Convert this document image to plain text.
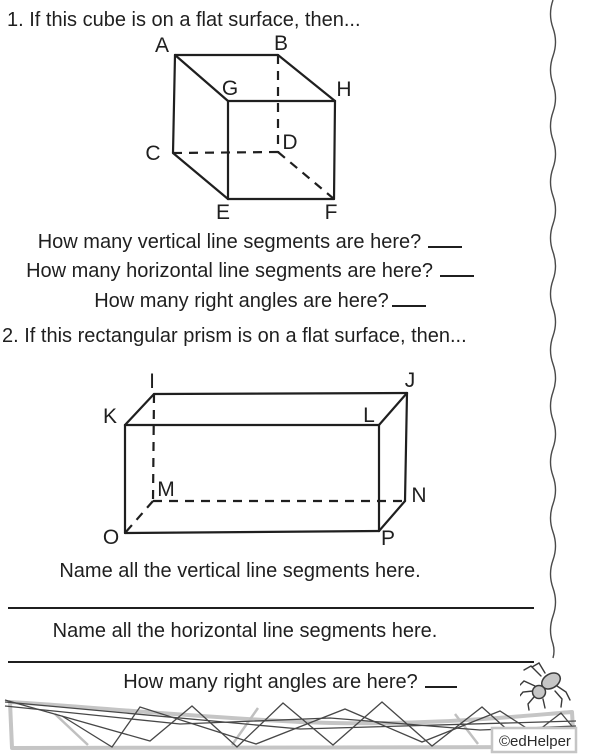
1. If this cube is on a flat surface, then...
A	B
G	H
C	D
E	F
How many vertical line segments are here?
How many horizontal line segments are here?
How many right angles are here?
2. If this rectangular prism is on a flat surface, then...
I	J
K	L
M	N
O	P
Name all the vertical line segments here.
Name all the horizontal line segments here.
How many right angles are here?
©edHelper
